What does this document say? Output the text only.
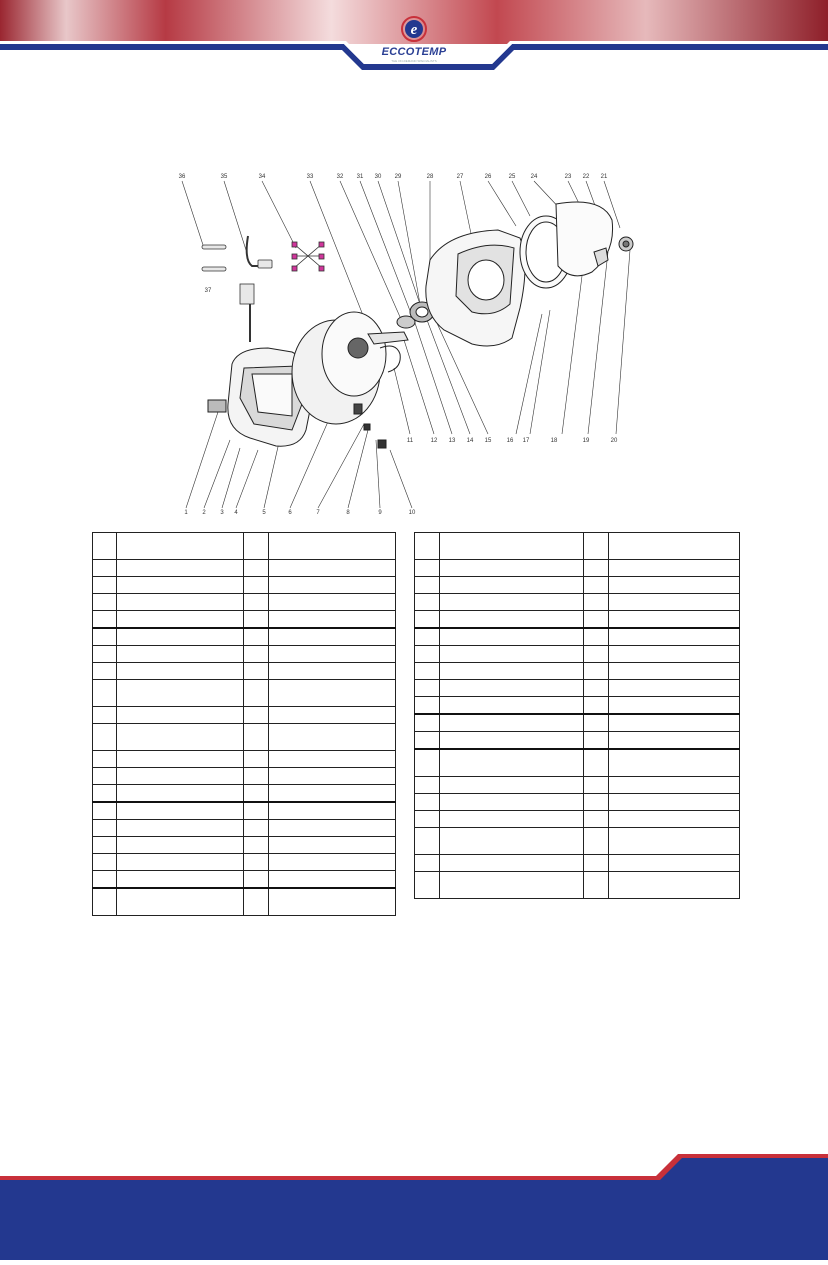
e
ECCOTEMP
THE ON-DEMAND SPECIALISTS
36	35	34	33	32 31 30 29	28	27	26	25	24	23 22 21
1 2 3 4	5	6	7	8	9	10
11	12 13 14 15	16 17	18	19	20
37
